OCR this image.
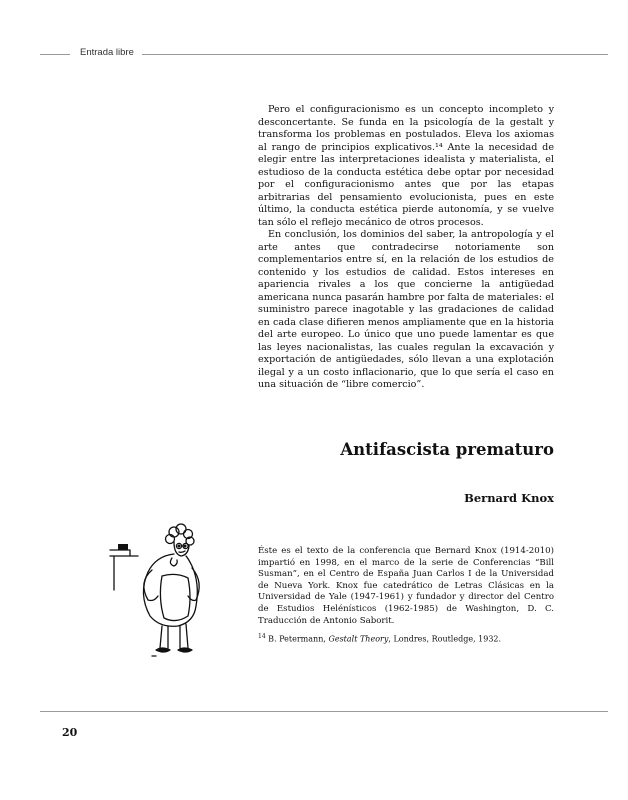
Entrada libre

Pero el configuracionismo es un concepto incompleto y desconcertante. Se funda en la psicología de la gestalt y transforma los problemas en postulados. Eleva los axiomas al rango de principios explicativos.¹⁴ Ante la necesidad de elegir entre las interpretaciones idealista y materialista, el estudioso de la conducta estética debe optar por necesidad por el configuracionismo antes que por las etapas arbitrarias del pensamiento evolucionista, pues en este último, la conducta estética pierde autonomía, y se vuelve tan sólo el reflejo mecánico de otros procesos.

En conclusión, los dominios del saber, la antropología y el arte antes que contradecirse notoriamente son complementarios entre sí, en la relación de los estudios de contenido y los estudios de calidad. Estos intereses en apariencia rivales a los que concierne la antigüedad americana nunca pasarán hambre por falta de materiales: el suministro parece inagotable y las gradaciones de calidad en cada clase difieren menos ampliamente que en la historia del arte europeo. Lo único que uno puede lamentar es que las leyes nacionalistas, las cuales regulan la excavación y exportación de antigüedades, sólo llevan a una explotación ilegal y a un costo inflacionario, que lo que sería el caso en una situación de “libre comercio”.

Antifascista prematuro
Bernard Knox
Éste es el texto de la conferencia que Bernard Knox (1914-2010) impartió en 1998, en el marco de la serie de Conferencias “Bill Susman”, en el Centro de España Juan Carlos I de la Universidad de Nueva York. Knox fue catedrático de Letras Clásicas en la Universidad de Yale (1947-1961) y fundador y director del Centro de Estudios Helénísticos (1962-1985) de Washington, D. C. Traducción de Antonio Saborit.
$^{14}$ B. Petermann, Gestalt Theory, Londres, Routledge, 1932.
20
